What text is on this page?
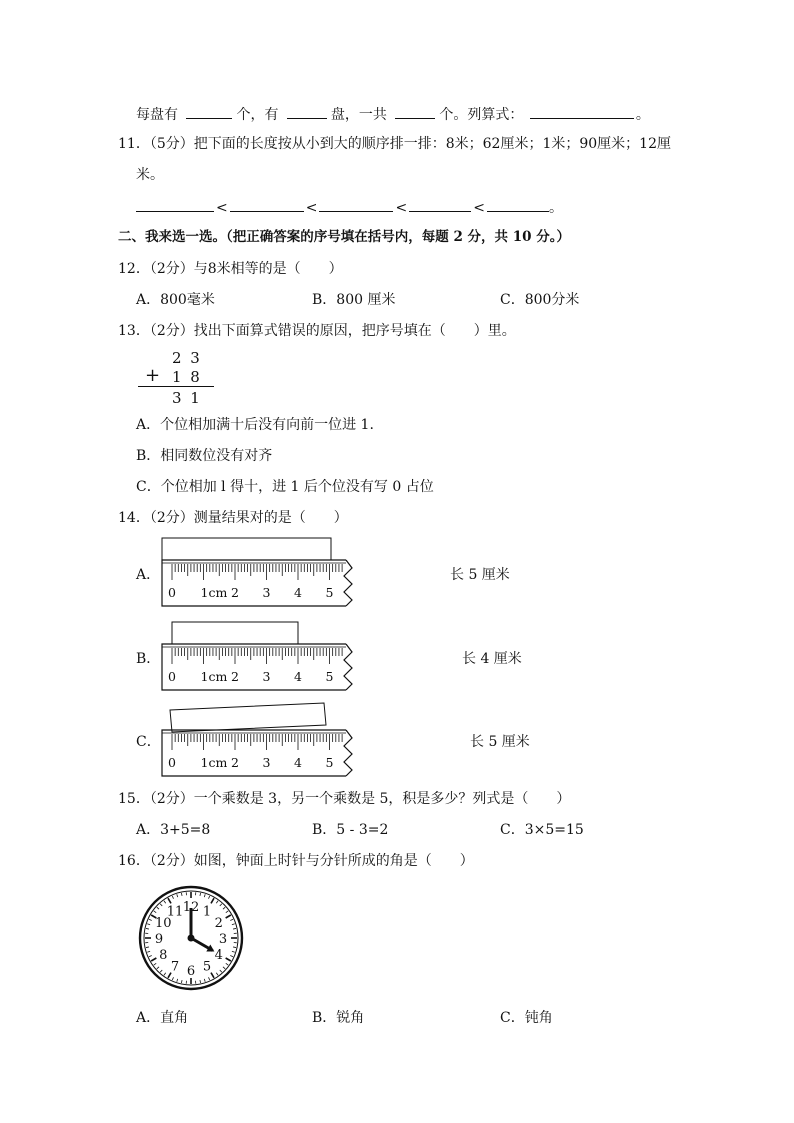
每盘有	个，有	盘，一共	个。列算式：	。
11．（5分）把下面的长度按从小到大的顺序排一排：8米；62厘米；1米；90厘米；12厘
米。
<	<	<	<	。
二、我来选一选。（把正确答案的序号填在括号内，每题 2 分，共 10 分。）
12．（2分）与8米相等的是（　　）
A．800毫米	B．800 厘米	C．800分米
13．（2分）找出下面算式错误的原因，把序号填在（　　）里。
2 3
+ 1 8
3 1
A．个位相加满十后没有向前一位进 1.
B．相同数位没有对齐
C．个位相加 l 得十，进 1 后个位没有写 0 占位
14．（2分）测量结果对的是（　　）
A．
0 1cm 2 3 4 5
长 5 厘米
B．
0 1cm 2 3 4 5
长 4 厘米
C．
0 1cm 2 3 4 5
长 5 厘米
15．（2分）一个乘数是 3，另一个乘数是 5，积是多少？列式是（　　）
A．3+5=8	B．5 - 3=2	C．3×5=15
16．（2分）如图，钟面上时针与分针所成的角是（　　）
12 1
2
3
4
5
6
7
8
9
10
11
A．直角	B．锐角	C．钝角
